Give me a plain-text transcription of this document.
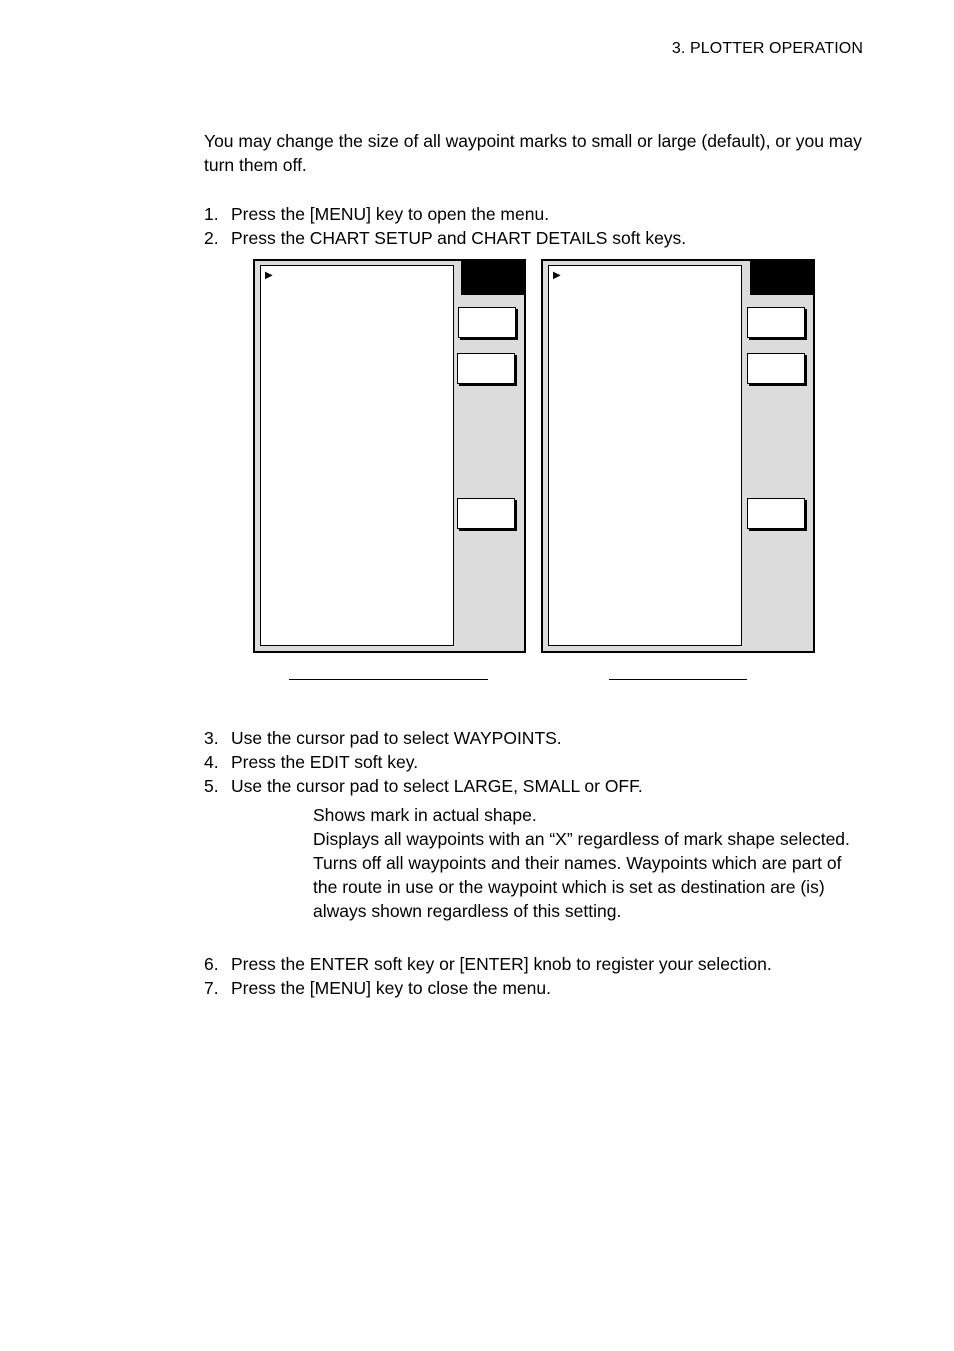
3. PLOTTER OPERATION
You may change the size of all waypoint marks to small or large (default), or you may turn them off.
1. Press the [MENU] key to open the menu.
2. Press the CHART SETUP and CHART DETAILS soft keys.
▶	▶
3. Use the cursor pad to select WAYPOINTS.
4. Press the EDIT soft key.
5. Use the cursor pad to select LARGE, SMALL or OFF.
Shows mark in actual shape.
Displays all waypoints with an “X” regardless of mark shape selected.
Turns off all waypoints and their names. Waypoints which are part of the route in use or the waypoint which is set as destination are (is) always shown regardless of this setting.
6. Press the ENTER soft key or [ENTER] knob to register your selection.
7. Press the [MENU] key to close the menu.
